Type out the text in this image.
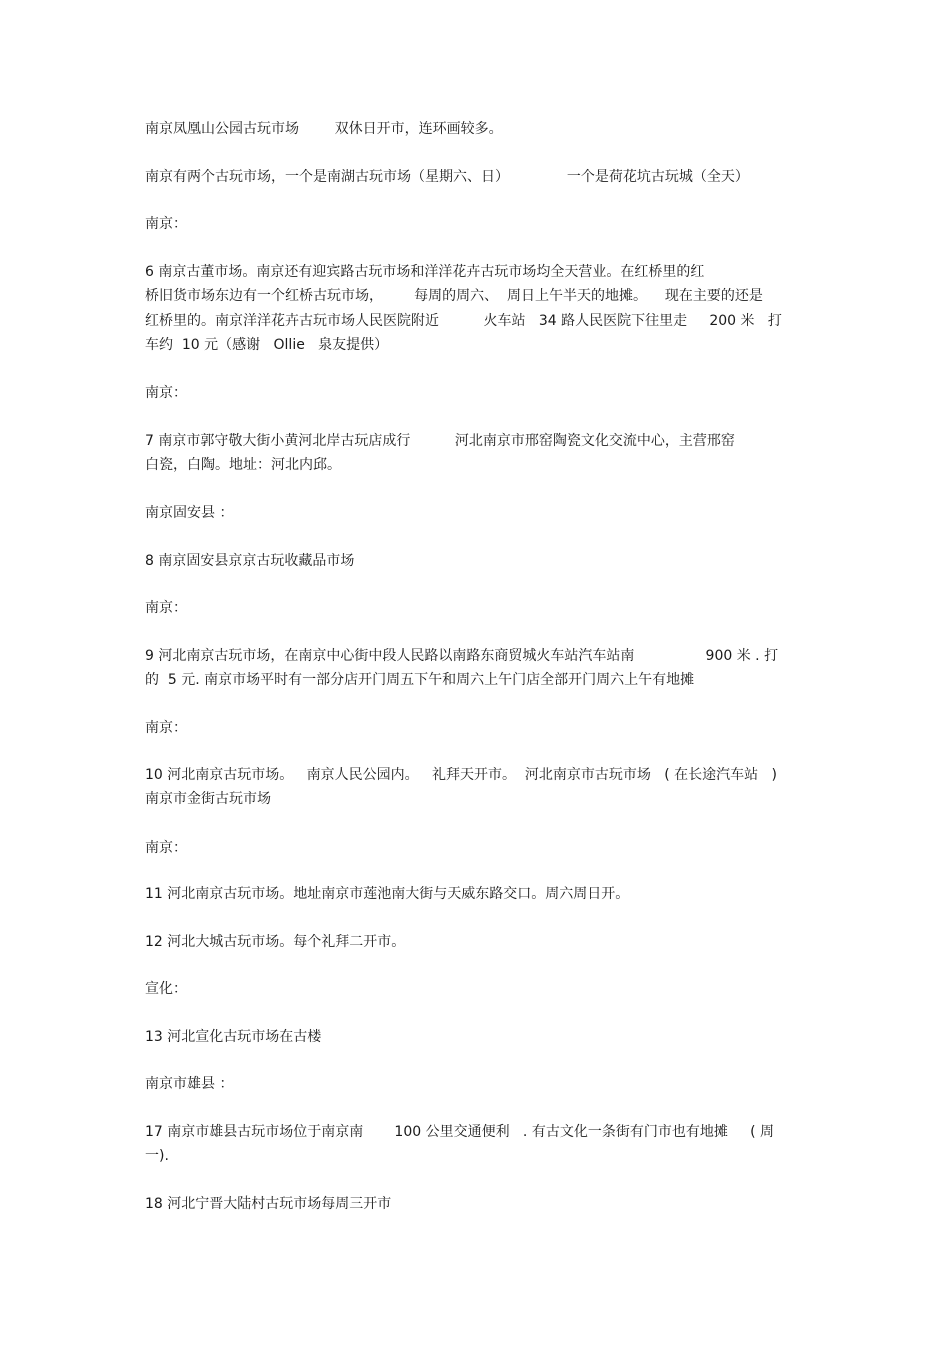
南京凤凰山公园古玩市场        双休日开市，连环画较多。
南京有两个古玩市场，一个是南湖古玩市场（星期六、日）             一个是荷花坑古玩城（全天）
南京：
6 南京古董市场。南京还有迎宾路古玩市场和洋洋花卉古玩市场均全天营业。在红桥里的红
桥旧货市场东边有一个红桥古玩市场，       每周的周六、  周日上午半天的地摊。    现在主要的还是
红桥里的。南京洋洋花卉古玩市场人民医院附近          火车站   34 路人民医院下往里走     200 米   打
车约  10 元（感谢   Ollie   泉友提供）
南京：
7 南京市郭守敬大街小黄河北岸古玩店成行          河北南京市邢窑陶瓷文化交流中心，主营邢窑
白瓷，白陶。地址：河北内邱。
南京固安县 ：
8 南京固安县京京古玩收藏品市场
南京：
9 河北南京古玩市场，在南京中心街中段人民路以南路东商贸城火车站汽车站南                900 米 . 打
的  5 元. 南京市场平时有一部分店开门周五下午和周六上午门店全部开门周六上午有地摊
南京：
10 河北南京古玩市场。   南京人民公园内。   礼拜天开市。  河北南京市古玩市场   ( 在长途汽车站   )
南京市金街古玩市场
南京：
11 河北南京古玩市场。地址南京市莲池南大街与天威东路交口。周六周日开。
12 河北大城古玩市场。每个礼拜二开市。
宣化：
13 河北宣化古玩市场在古楼
南京市雄县 ：
17 南京市雄县古玩市场位于南京南       100 公里交通便利   . 有古文化一条街有门市也有地摊     ( 周
一).
18 河北宁晋大陆村古玩市场每周三开市
